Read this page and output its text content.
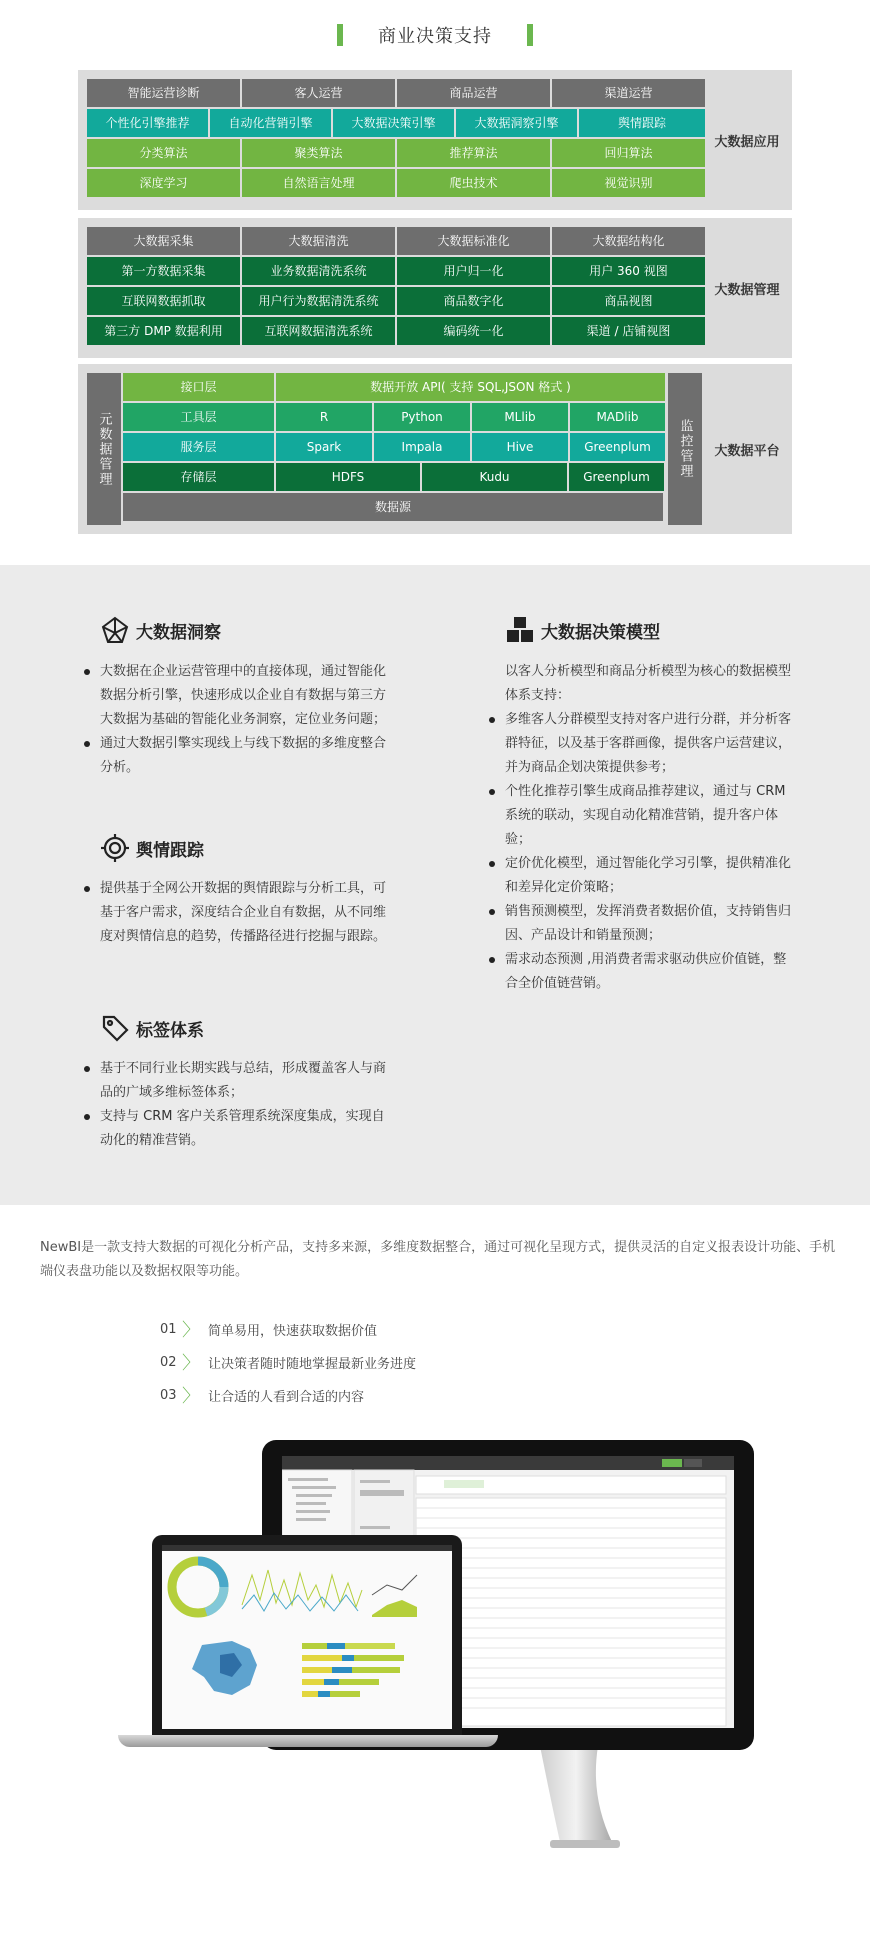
商业决策支持
智能运营诊断	客人运营	商品运营	渠道运营
个性化引擎推荐	自动化营销引擎	大数据决策引擎	大数据洞察引擎	舆情跟踪
分类算法	聚类算法	推荐算法	回归算法
深度学习	自然语言处理	爬虫技术	视觉识别
大数据应用
大数据采集	大数据清洗	大数据标准化	大数据结构化
第一方数据采集	业务数据清洗系统	用户归一化	用户 360 视图
互联网数据抓取	用户行为数据清洗系统	商品数字化	商品视图
第三方 DMP 数据利用	互联网数据清洗系统	编码统一化	渠道 / 店铺视图
大数据管理
元数据管理
接口层	数据开放 API( 支持 SQL,JSON 格式 )
工具层	R	Python	MLlib	MADlib
服务层	Spark	Impala	Hive	Greenplum
存储层	HDFS	Kudu	Greenplum
数据源
监控管理	大数据平台
大数据洞察
大数据在企业运营管理中的直接体现，通过智能化数据分析引擎，快速形成以企业自有数据与第三方大数据为基础的智能化业务洞察，定位业务问题；
通过大数据引擎实现线上与线下数据的多维度整合分析。
舆情跟踪
提供基于全网公开数据的舆情跟踪与分析工具，可基于客户需求，深度结合企业自有数据，从不同维度对舆情信息的趋势，传播路径进行挖掘与跟踪。
标签体系
基于不同行业长期实践与总结，形成覆盖客人与商品的广域多维标签体系；
支持与 CRM 客户关系管理系统深度集成，实现自动化的精准营销。
大数据决策模型
以客人分析模型和商品分析模型为核心的数据模型体系支持：
多维客人分群模型支持对客户进行分群，并分析客群特征，以及基于客群画像，提供客户运营建议，并为商品企划决策提供参考；
个性化推荐引擎生成商品推荐建议，通过与 CRM 系统的联动，实现自动化精准营销，提升客户体验；
定价优化模型，通过智能化学习引擎，提供精准化和差异化定价策略；
销售预测模型，发挥消费者数据价值，支持销售归因、产品设计和销量预测；
需求动态预测 ,用消费者需求驱动供应价值链，整合全价值链营销。
NewBI是一款支持大数据的可视化分析产品，支持多来源，多维度数据整合，通过可视化呈现方式，提供灵活的自定义报表设计功能、手机端仪表盘功能以及数据权限等功能。
01 〉 简单易用，快速获取数据价值
02 〉 让决策者随时随地掌握最新业务进度
03 〉 让合适的人看到合适的内容
